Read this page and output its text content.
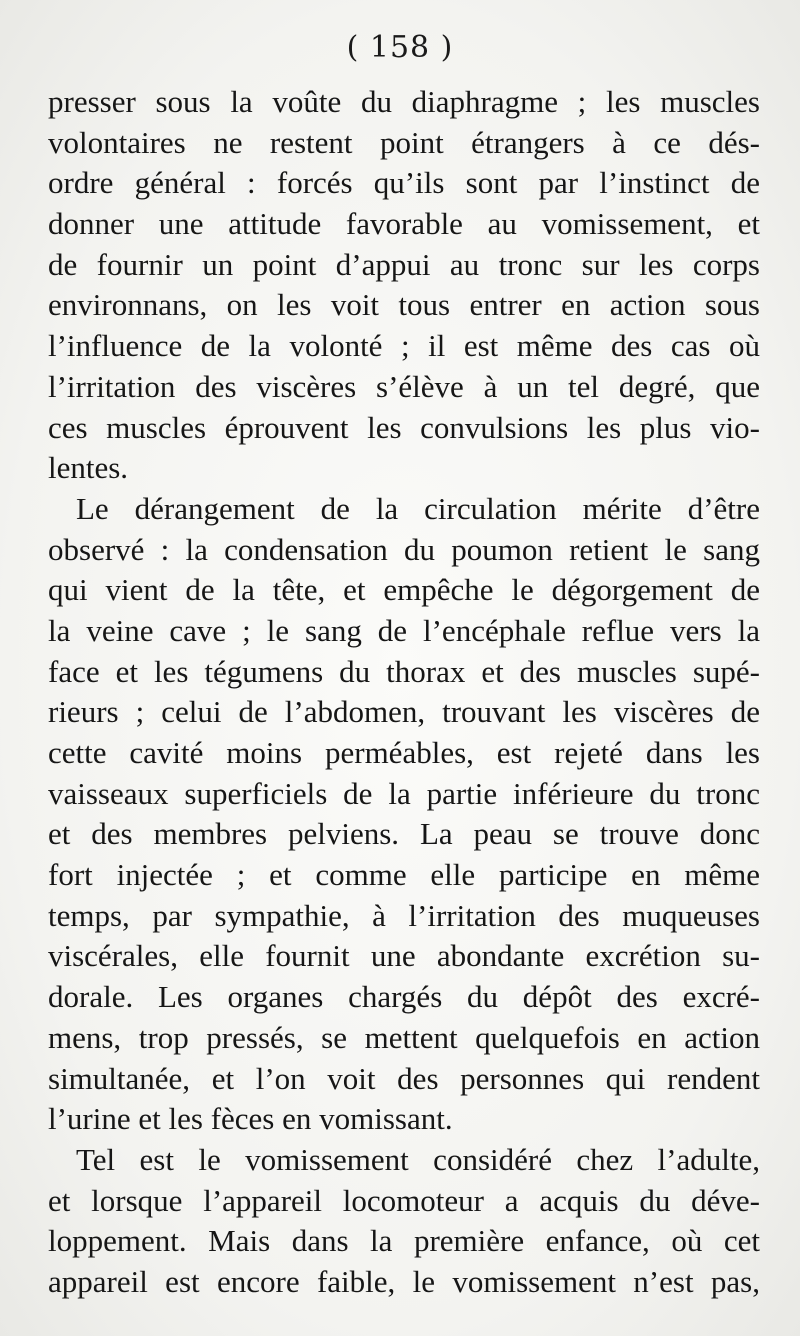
( 158 )
presser sous la voûte du diaphragme ; les muscles
volontaires ne restent point étrangers à ce dés-
ordre général : forcés qu’ils sont par l’instinct de
donner une attitude favorable au vomissement, et
de fournir un point d’appui au tronc sur les corps
environnans, on les voit tous entrer en action sous
l’influence de la volonté ; il est même des cas où
l’irritation des viscères s’élève à un tel degré, que
ces muscles éprouvent les convulsions les plus vio-
lentes.
Le dérangement de la circulation mérite d’être
observé : la condensation du poumon retient le sang
qui vient de la tête, et empêche le dégorgement de
la veine cave ; le sang de l’encéphale reflue vers la
face et les tégumens du thorax et des muscles supé-
rieurs ; celui de l’abdomen, trouvant les viscères de
cette cavité moins perméables, est rejeté dans les
vaisseaux superficiels de la partie inférieure du tronc
et des membres pelviens. La peau se trouve donc
fort injectée ; et comme elle participe en même
temps, par sympathie, à l’irritation des muqueuses
viscérales, elle fournit une abondante excrétion su-
dorale. Les organes chargés du dépôt des excré-
mens, trop pressés, se mettent quelquefois en action
simultanée, et l’on voit des personnes qui rendent
l’urine et les fèces en vomissant.
Tel est le vomissement considéré chez l’adulte,
et lorsque l’appareil locomoteur a acquis du déve-
loppement. Mais dans la première enfance, où cet
appareil est encore faible, le vomissement n’est pas,
